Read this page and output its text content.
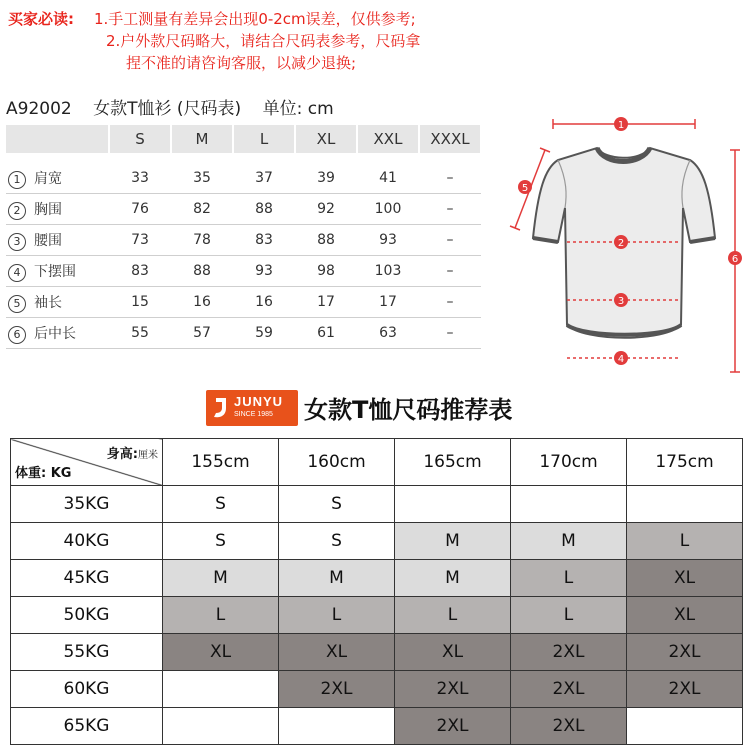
买家必读: 1.手工测量有差异会出现0-2cm误差，仅供参考;
2.户外款尺码略大，请结合尺码表参考，尺码拿
捏不准的请咨询客服，以减少退换;
A92002 女款T恤衫 (尺码表) 单位: cm
	S	M	L	XL	XXL	XXXL

1 肩宽	33	35	37	39	41	–
2 胸围	76	82	88	92	100	–
3 腰围	73	78	83	88	93	–
4 下摆围	83	88	93	98	103	–
5 袖长	15	16	16	17	17	–
6 后中长	55	57	59	61	63	–
1
2
3
4
5
6
JUNYU
SINCE 1985 女款T恤尺码推荐表
身高:厘米
体重: KG	155cm	160cm	165cm	170cm	175cm
35KG	S	S			
40KG	S	S	M	M	L
45KG	M	M	M	L	XL
50KG	L	L	L	L	XL
55KG	XL	XL	XL	2XL	2XL
60KG		2XL	2XL	2XL	2XL
65KG			2XL	2XL	
